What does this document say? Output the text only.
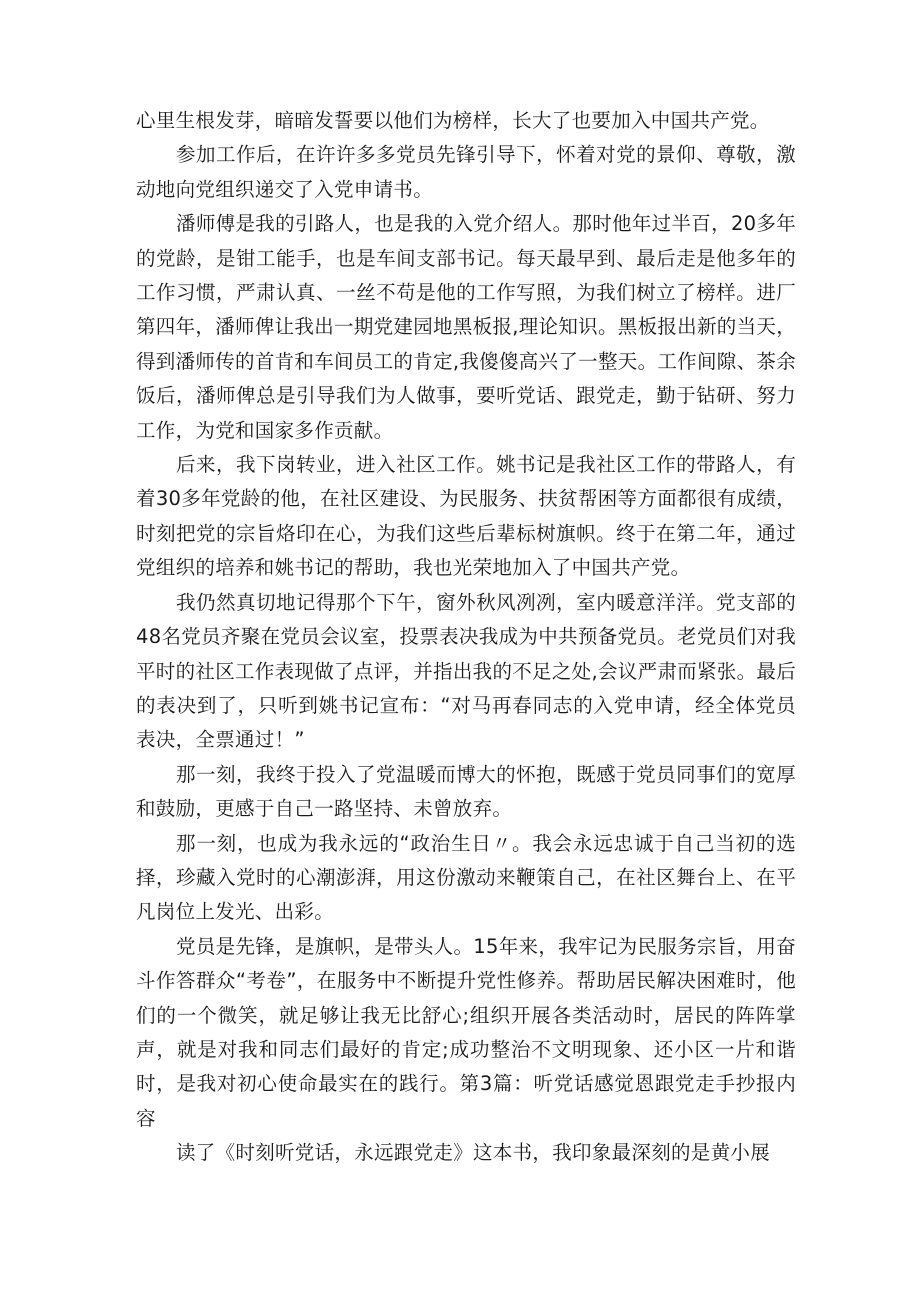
心里生根发芽，暗暗发誓要以他们为榜样，长大了也要加入中国共产党。

参加工作后，在许许多多党员先锋引导下，怀着对党的景仰、尊敬，激动地向党组织递交了入党申请书。

潘师傅是我的引路人，也是我的入党介绍人。那时他年过半百，20多年的党龄，是钳工能手，也是车间支部书记。每天最早到、最后走是他多年的工作习惯，严肃认真、一丝不苟是他的工作写照，为我们树立了榜样。进厂第四年，潘师俾让我出一期党建园地黑板报,理论知识。黑板报出新的当天，得到潘师传的首肯和车间员工的肯定,我傻傻高兴了一整天。工作间隙、茶余饭后，潘师俾总是引导我们为人做事，要听党话、跟党走，勤于钻研、努力工作，为党和国家多作贡献。

后来，我下岗转业，进入社区工作。姚书记是我社区工作的带路人，有着30多年党龄的他，在社区建设、为民服务、扶贫帮困等方面都很有成绩，时刻把党的宗旨烙印在心，为我们这些后辈标树旗帜。终于在第二年，通过党组织的培养和姚书记的帮助，我也光荣地加入了中国共产党。

我仍然真切地记得那个下午，窗外秋风冽冽，室内暖意洋洋。党支部的48名党员齐聚在党员会议室，投票表决我成为中共预备党员。老党员们对我平时的社区工作表现做了点评，并指出我的不足之处,会议严肃而紧张。最后的表决到了，只听到姚书记宣布：“对马再春同志的入党申请，经全体党员表决，全票通过！”

那一刻，我终于投入了党温暖而博大的怀抱，既感于党员同事们的宽厚和鼓励，更感于自己一路坚持、未曾放弃。

那一刻，也成为我永远的“政治生日〃。我会永远忠诚于自己当初的选择，珍藏入党时的心潮澎湃，用这份激动来鞭策自己，在社区舞台上、在平凡岗位上发光、出彩。

党员是先锋，是旗帜，是带头人。15年来，我牢记为民服务宗旨，用奋斗作答群众“考卷”，在服务中不断提升党性修养。帮助居民解决困难时，他们的一个微笑，就足够让我无比舒心;组织开展各类活动时，居民的阵阵掌声，就是对我和同志们最好的肯定;成功整治不文明现象、还小区一片和谐时，是我对初心使命最实在的践行。第3篇：听党话感觉恩跟党走手抄报内容

读了《时刻听党话，永远跟党走》这本书，我印象最深刻的是黄小展
